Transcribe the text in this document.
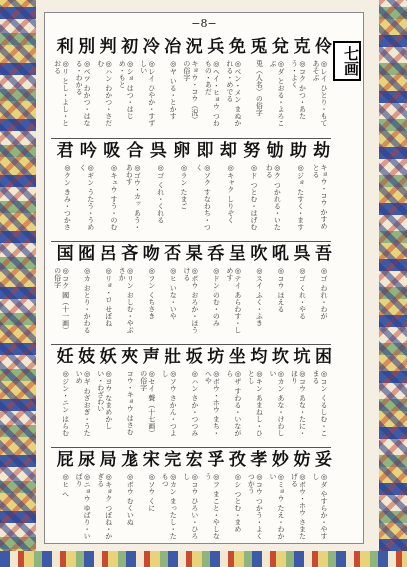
−8−
七画
伶
◎レイ ひとり・もてあそぶ
克
◎コク かつ・あたう・よく
兌
◎ダ とおる・よろこぶ
兎
兎（人名）の俗字
免
◎ベン・メン まぬかれる・めでる
兵
◎ヘイ・ヒョウ つわもの・あだ
況
キョウ・コウ（況）の俗字
冶
◎ヤ いる・とかす
冷
◎レイ ひやか・すずしい
初
◎ショ はつ・はじめ・もと
判
◎ハン わかつ・さだむ
別
◎ベツ わかつ・はなる・わかる
利
◎リ とし・よし・とおる
劫
キョウ・コウ かすめとる
助
◎ジョ たすく・ます
劬
◎ク つかれる・いたわる
努
◎ド つとむ・はげむ
却
◎キャク しりぞく
即
◎ソク すなわち・つく
卵
◎ラン たまご
呉
◎ゴ くれ・くれる
合
◎ゴウ・カッ あう・あわす
吸
◎キュウ すう・のむ
吟
◎ギン うたう・うめく
君
◎クン きみ・つかさ
吾
◎ゴ われ・わが
呉
◎ゴ くれ・やる
吼
◎コウ ほえる
吹
◎スイ ふく・ふき
呈
◎テイ あらわす・しめす
呑
◎ドン のむ・のみ
杲
◎ボウ おろか・ほうける
否
◎ヒ いな・いや
吻
◎フン くちさき
吝
◎リン おしむ・やぶさか
呂
◎リョ・ロ せぼね
囮
◎カ おとり・かわる
国
◎コク 國（十一画）の俗字
困
◎コン くるしむ・こまる
坑
◎コウ あな・たに・ほり
坎
◎カン あな・けわしい
均
◎キン あまねし・ひとし
坐
◎ザ すわる・いながら
坊
◎ボウ・ホウ まち・へや
坂
◎ハン さか・つつみ
壯
◎ソウ さかん・つよし
声
◎セイ 聲（十七画）の俗字
夾
コウ・キョウ はさむ
妖
◎ヨウ なまめかしい・わざわい
妓
◎ギ わざおぎ・うたいめ
妊
◎ジン・ニン はらむ
妥
◎ダ やすらか・やすし
妨
◎ボウ・ホウ さまたげる
妙
◎ミョウ たえ・わかい
孝
◎コウ つかう・よくつかう
孜
◎シ つとむ・まめ
孚
◎フ まこと・やしなう
宏
◎コウ ひろい・ひろし
完
◎カン まったし・たもつ
宋
◎ソウ くに
尨
◎ボウ むくいぬ
局
◎キョク つぼね・かぎる
尿
◎ニョウ ゆばり・いばり
屁
◎ヒ へ
